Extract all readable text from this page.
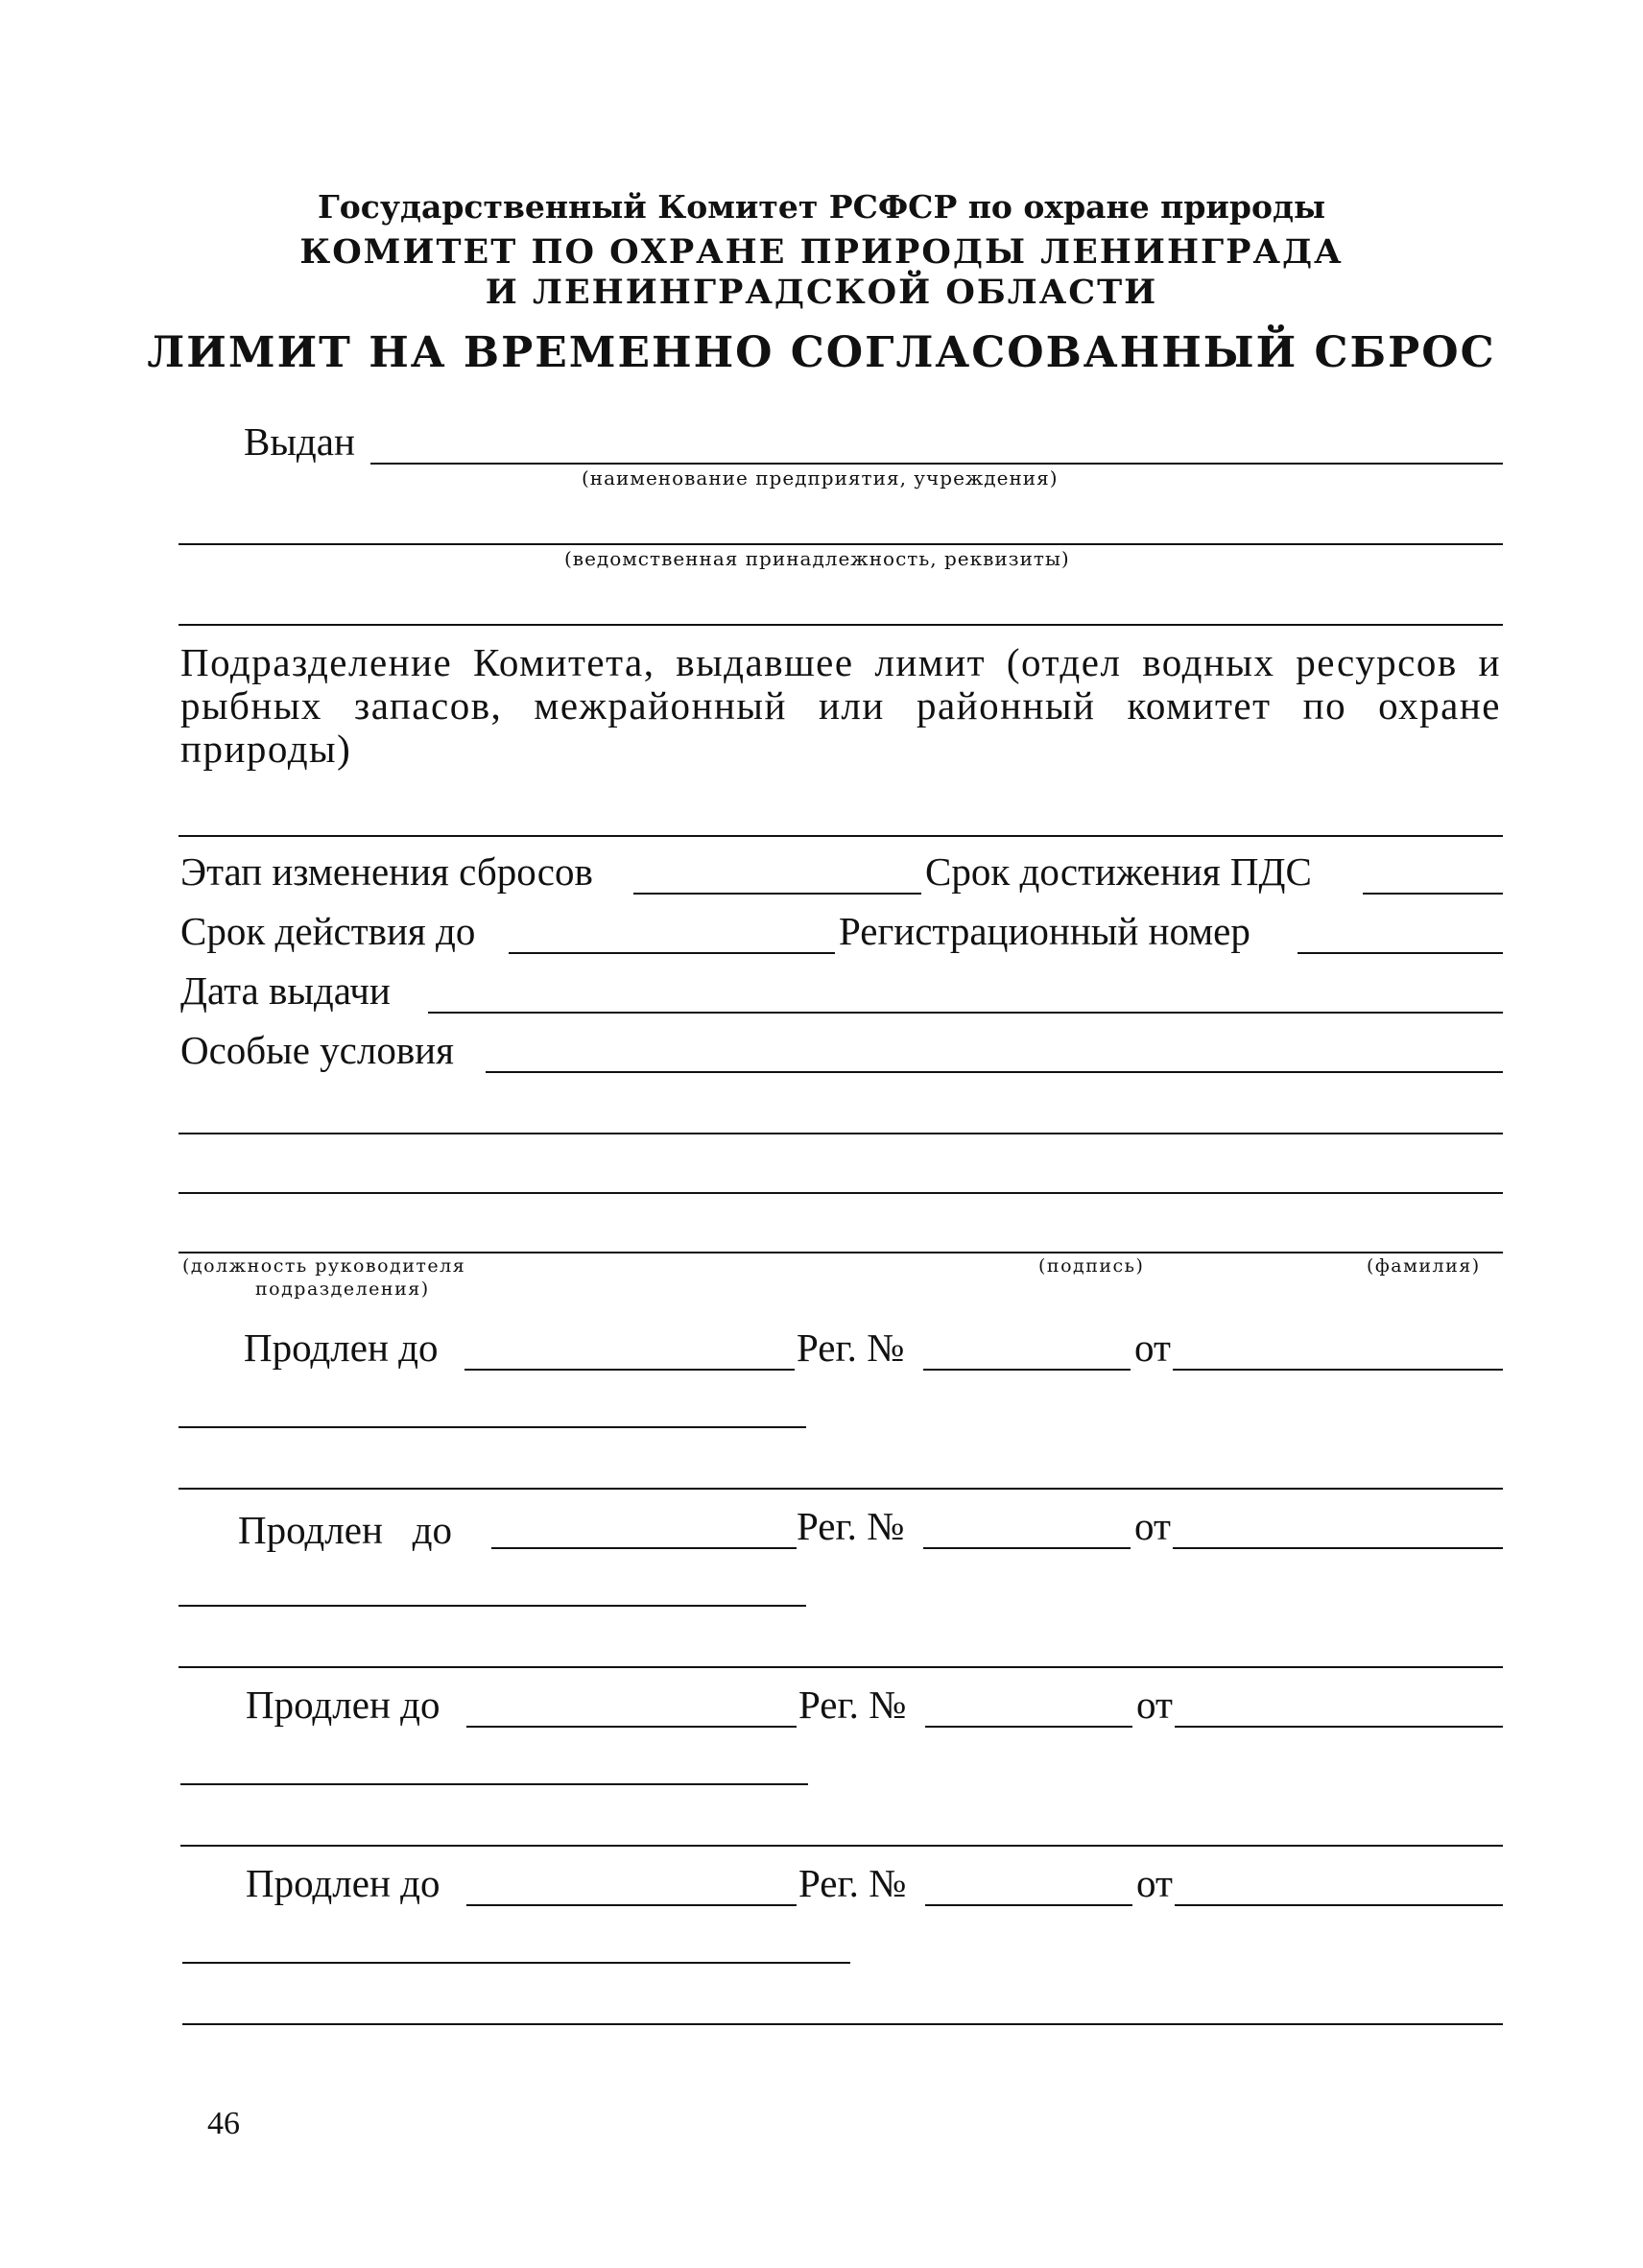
Государственный Комитет РСФСР по охране природы
КОМИТЕТ ПО ОХРАНЕ ПРИРОДЫ ЛЕНИНГРАДА
И ЛЕНИНГРАДСКОЙ ОБЛАСТИ
ЛИМИТ НА ВРЕМЕННО СОГЛАСОВАННЫЙ СБРОС
Выдан
(наименование предприятия, учреждения)
(ведомственная принадлежность, реквизиты)
Подразделение Комитета, выдавшее лимит (отдел водных ресурсов и рыбных запасов, межрайонный или районный комитет по охране природы)
Этап изменения сбросов	Срок достижения ПДС
Срок действия до	Регистрационный номер
Дата выдачи
Особые условия
(должность руководителя
подразделения)
(подпись)	(фамилия)
Продлен до	Рег. №	от
Продлен   до	Рег. №	от
Продлен до	Рег. №	от
Продлен до	Рег. №	от
46
